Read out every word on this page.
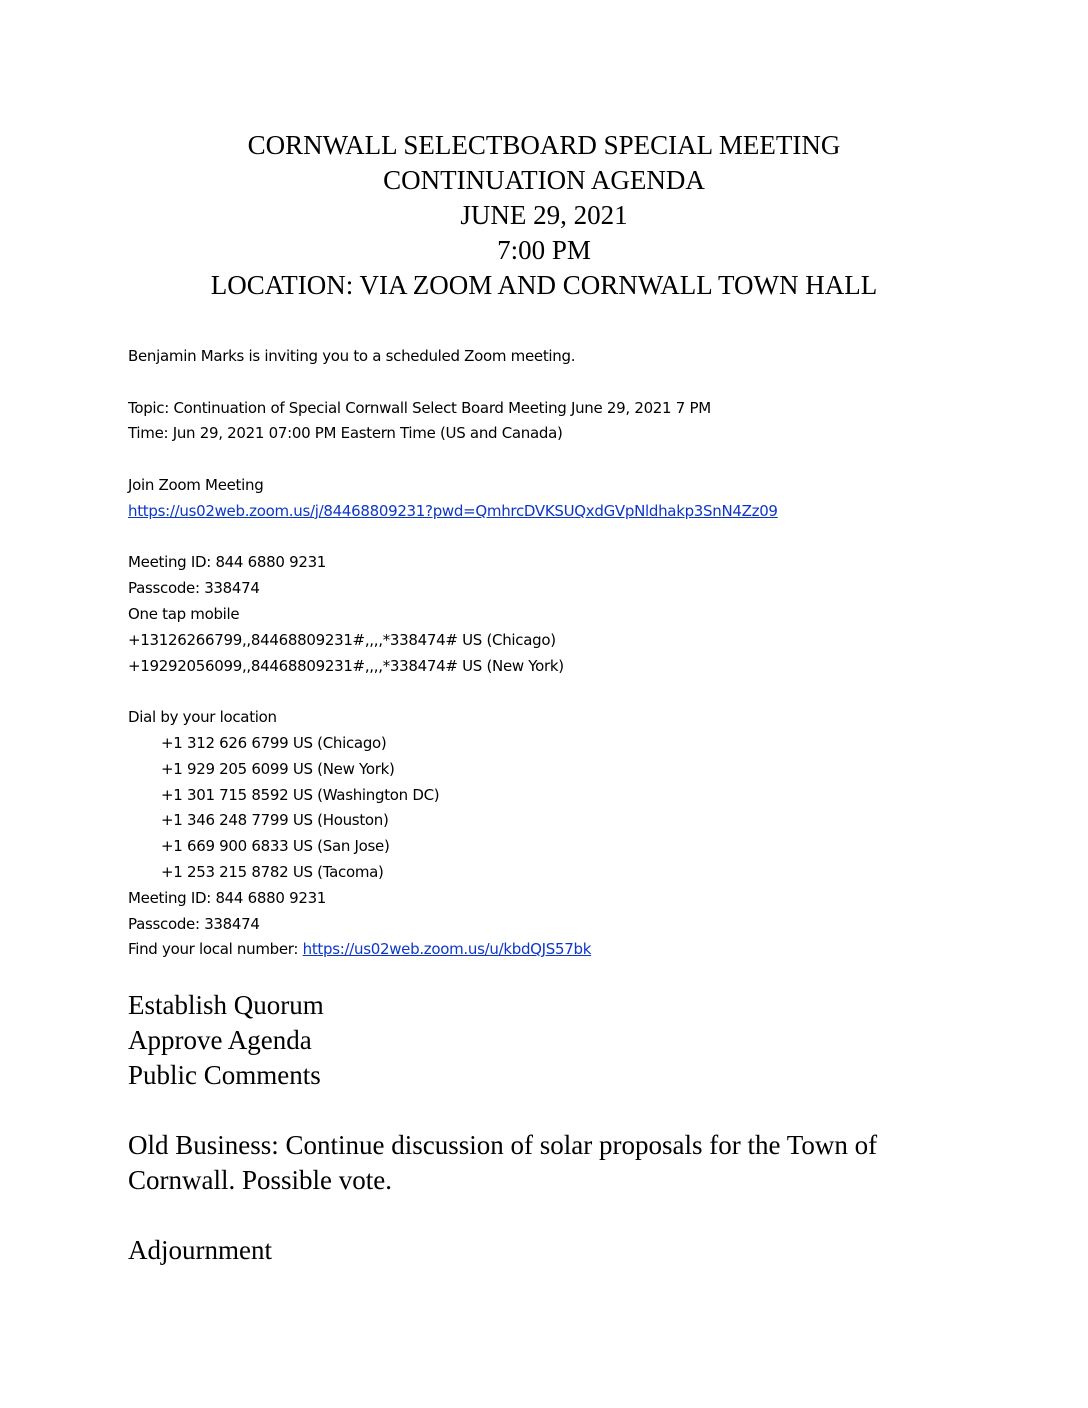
CORNWALL SELECTBOARD SPECIAL MEETING
CONTINUATION AGENDA
JUNE 29, 2021
7:00 PM
LOCATION: VIA ZOOM AND CORNWALL TOWN HALL
Benjamin Marks is inviting you to a scheduled Zoom meeting.
Topic: Continuation of Special Cornwall Select Board Meeting June 29, 2021 7 PM
Time: Jun 29, 2021 07:00 PM Eastern Time (US and Canada)
Join Zoom Meeting
https://us02web.zoom.us/j/84468809231?pwd=QmhrcDVKSUQxdGVpNldhakp3SnN4Zz09
Meeting ID: 844 6880 9231
Passcode: 338474
One tap mobile
+13126266799,,84468809231#,,,,*338474# US (Chicago)
+19292056099,,84468809231#,,,,*338474# US (New York)
Dial by your location
+1 312 626 6799 US (Chicago)
+1 929 205 6099 US (New York)
+1 301 715 8592 US (Washington DC)
+1 346 248 7799 US (Houston)
+1 669 900 6833 US (San Jose)
+1 253 215 8782 US (Tacoma)
Meeting ID: 844 6880 9231
Passcode: 338474
Find your local number: https://us02web.zoom.us/u/kbdQJS57bk
Establish Quorum
Approve Agenda
Public Comments
Old Business: Continue discussion of solar proposals for the Town of
Cornwall. Possible vote.
Adjournment
